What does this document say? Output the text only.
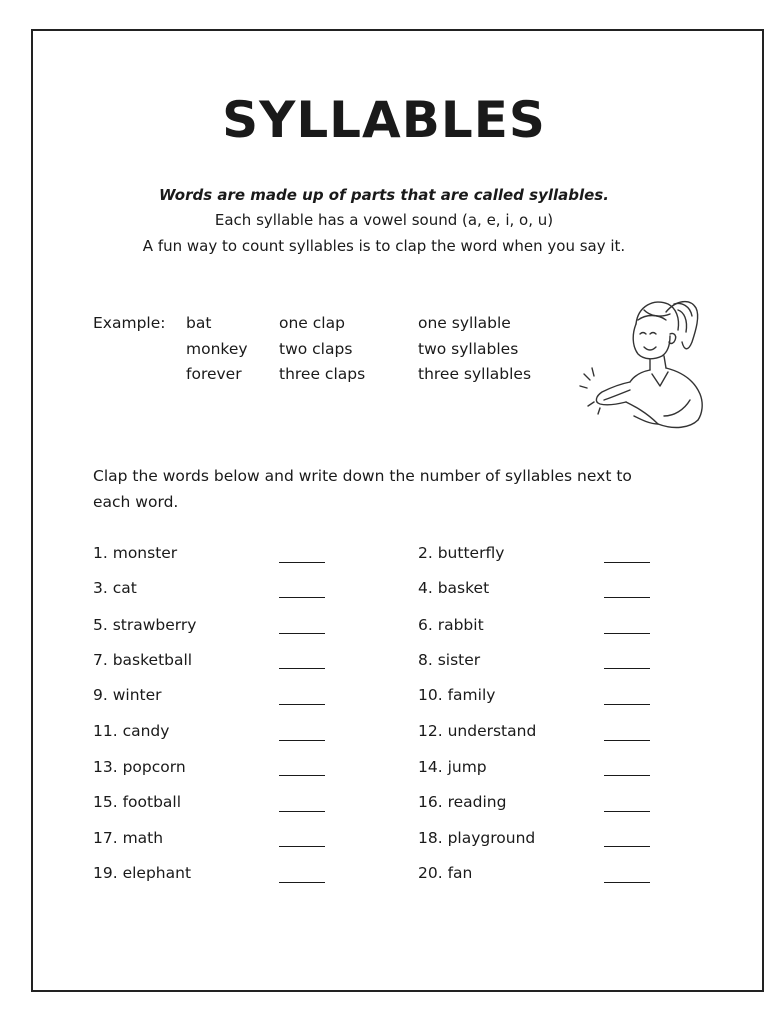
SYLLABLES

Words are made up of parts that are called syllables.

Each syllable has a vowel sound (a, e, i, o, u)

A fun way to count syllables is to clap the word when you say it.

Example: bat	one clap	one syllable
monkey two claps	two syllables
forever three claps	three syllables
Clap the words below and write down the number of syllables next to
each word.
1. monster
3. cat
5. strawberry
7. basketball
9. winter
11. candy
13. popcorn
15. football
17. math
19. elephant
2. butterfly
4. basket
6. rabbit
8. sister
10. family
12. understand
14. jump
16. reading
18. playground
20. fan
